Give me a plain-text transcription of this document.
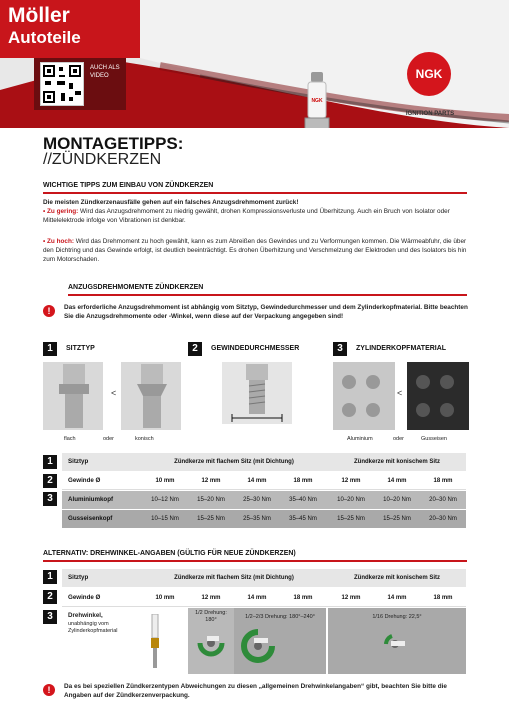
Möller
Autoteile
AUCH ALS VIDEO
NGK
NGK
IGNITION PARTS
MONTAGETIPPS:
//ZÜNDKERZEN
WICHTIGE TIPPS ZUM EINBAU VON ZÜNDKERZEN
Die meisten Zündkerzenausfälle gehen auf ein falsches Anzugsdrehmoment zurück!
• Zu gering: Wird das Anzugsdrehmoment zu niedrig gewählt, drohen Kompressionsverluste und Überhitzung. Auch ein Bruch von Isolator oder Mittelelektrode infolge von Vibrationen ist denkbar.
• Zu hoch: Wird das Drehmoment zu hoch gewählt, kann es zum Abreißen des Gewindes und zu Verformungen kommen. Die Wärmeabfuhr, die über den Dichtring und das Gewinde erfolgt, ist deutlich beeinträchtigt. Es drohen Überhitzung und Verschmelzung der Elektroden und des Isolators bis hin zum Motorschaden.
ANZUGSDREHMOMENTE ZÜNDKERZEN
!	Das erforderliche Anzugsdrehmoment ist abhängig vom Sitztyp, Gewindedurchmesser und dem Zylinderkopfmaterial. Bitte beachten Sie die Anzugsdrehmomente oder -Winkel, wenn diese auf der Verpackung angegeben sind!
1	SITZTYP	2	GEWINDEDURCHMESSER	3	ZYLINDERKOPFMATERIAL
<
flach	oder	konisch
<
Aluminium	oder	Gusseisen
1
2
3
Sitztyp	Zündkerze mit flachem Sitz (mit Dichtung)	Zündkerze mit konischem Sitz
Gewinde Ø	10 mm	12 mm	14 mm	18 mm	12 mm	14 mm	18 mm
Aluminiumkopf	10–12 Nm	15–20 Nm	25–30 Nm	35–40 Nm	10–20 Nm	10–20 Nm	20–30 Nm
Gusseisenkopf	10–15 Nm	15–25 Nm	25–35 Nm	35–45 Nm	15–25 Nm	15–25 Nm	20–30 Nm
ALTERNATIV: DREHWINKEL-ANGABEN (GÜLTIG FÜR NEUE ZÜNDKERZEN)
1
2
3
Sitztyp	Zündkerze mit flachem Sitz (mit Dichtung)	Zündkerze mit konischem Sitz
Gewinde Ø	10 mm	12 mm	14 mm	18 mm	12 mm	14 mm	18 mm
Drehwinkel,
unabhängig vom
Zylinderkopfmaterial
1/2 Drehung: 180°	1/2–2/3 Drehung: 180°–240°	1/16 Drehung: 22,5°
!	Da es bei speziellen Zündkerzentypen Abweichungen zu diesen „allgemeinen Drehwinkelangaben“ gibt, beachten Sie bitte die Angaben auf der Zündkerzenverpackung.
